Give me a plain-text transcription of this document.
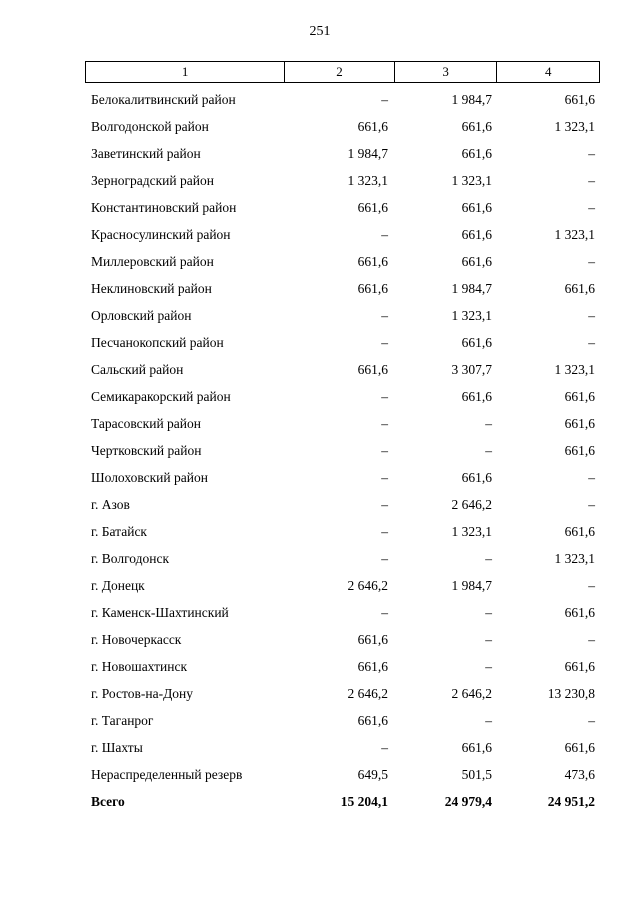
251
1	2	3	4
Белокалитвинский район	–	1 984,7	661,6
Волгодонской район	661,6	661,6	1 323,1
Заветинский район	1 984,7	661,6	–
Зерноградский район	1 323,1	1 323,1	–
Константиновский район	661,6	661,6	–
Красносулинский район	–	661,6	1 323,1
Миллеровский район	661,6	661,6	–
Неклиновский район	661,6	1 984,7	661,6
Орловский район	–	1 323,1	–
Песчанокопский район	–	661,6	–
Сальский район	661,6	3 307,7	1 323,1
Семикаракорский район	–	661,6	661,6
Тарасовский район	–	–	661,6
Чертковский район	–	–	661,6
Шолоховский район	–	661,6	–
г. Азов	–	2 646,2	–
г. Батайск	–	1 323,1	661,6
г. Волгодонск	–	–	1 323,1
г. Донецк	2 646,2	1 984,7	–
г. Каменск-Шахтинский	–	–	661,6
г. Новочеркасск	661,6	–	–
г. Новошахтинск	661,6	–	661,6
г. Ростов-на-Дону	2 646,2	2 646,2	13 230,8
г. Таганрог	661,6	–	–
г. Шахты	–	661,6	661,6
Нераспределенный резерв	649,5	501,5	473,6
Всего	15 204,1	24 979,4	24 951,2
